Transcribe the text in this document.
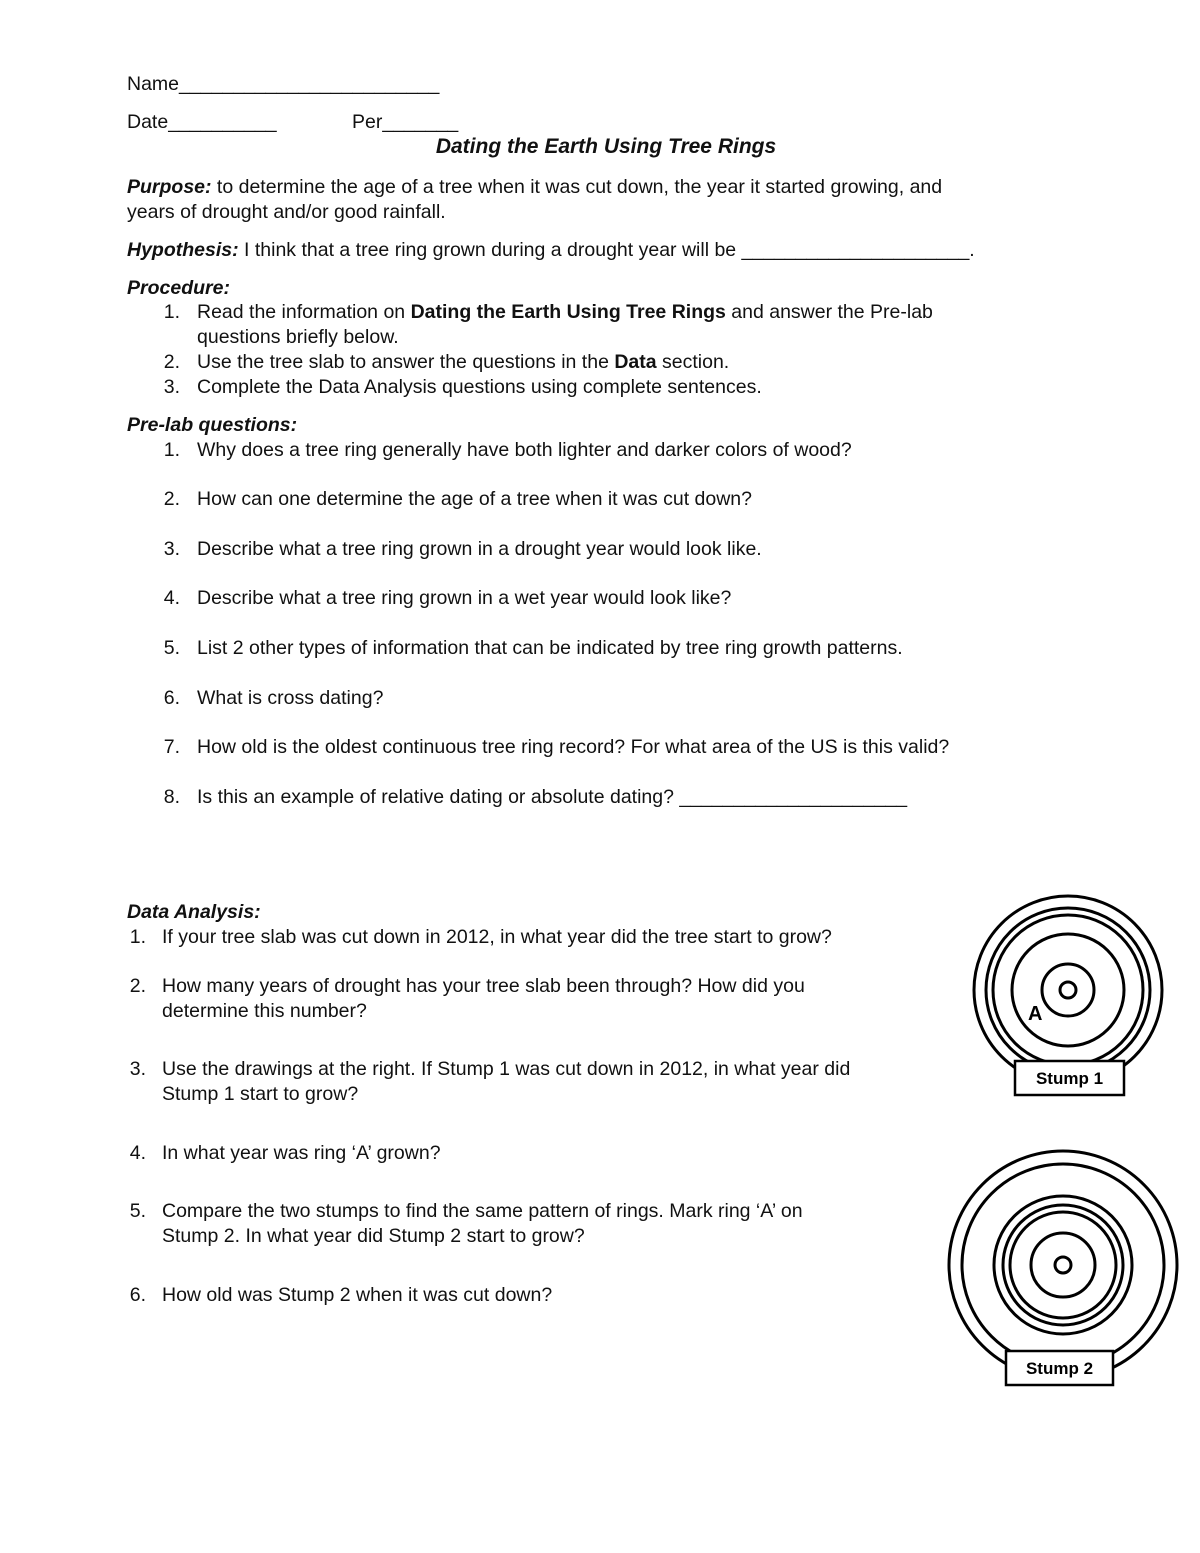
Name________________________
Date__________	Per_______
Dating the Earth Using Tree Rings
Purpose: to determine the age of a tree when it was cut down, the year it started growing, and
years of drought and/or good rainfall.
Hypothesis: I think that a tree ring grown during a drought year will be _____________________.
Procedure:
1. Read the information on Dating the Earth Using Tree Rings and answer the Pre-lab
questions briefly below.
2. Use the tree slab to answer the questions in the Data section.
3. Complete the Data Analysis questions using complete sentences.
Pre-lab questions:
1. Why does a tree ring generally have both lighter and darker colors of wood?
2. How can one determine the age of a tree when it was cut down?
3. Describe what a tree ring grown in a drought year would look like.
4. Describe what a tree ring grown in a wet year would look like?
5. List 2 other types of information that can be indicated by tree ring growth patterns.
6. What is cross dating?
7. How old is the oldest continuous tree ring record? For what area of the US is this valid?
8. Is this an example of relative dating or absolute dating? _____________________
Data Analysis:
1. If your tree slab was cut down in 2012, in what year did the tree start to grow?
2. How many years of drought has your tree slab been through? How did you
determine this number?
3. Use the drawings at the right. If Stump 1 was cut down in 2012, in what year did
Stump 1 start to grow?
4. In what year was ring ‘A’ grown?
5. Compare the two stumps to find the same pattern of rings. Mark ring ‘A’ on
Stump 2. In what year did Stump 2 start to grow?
6. How old was Stump 2 when it was cut down?
A
Stump 1
Stump 2
